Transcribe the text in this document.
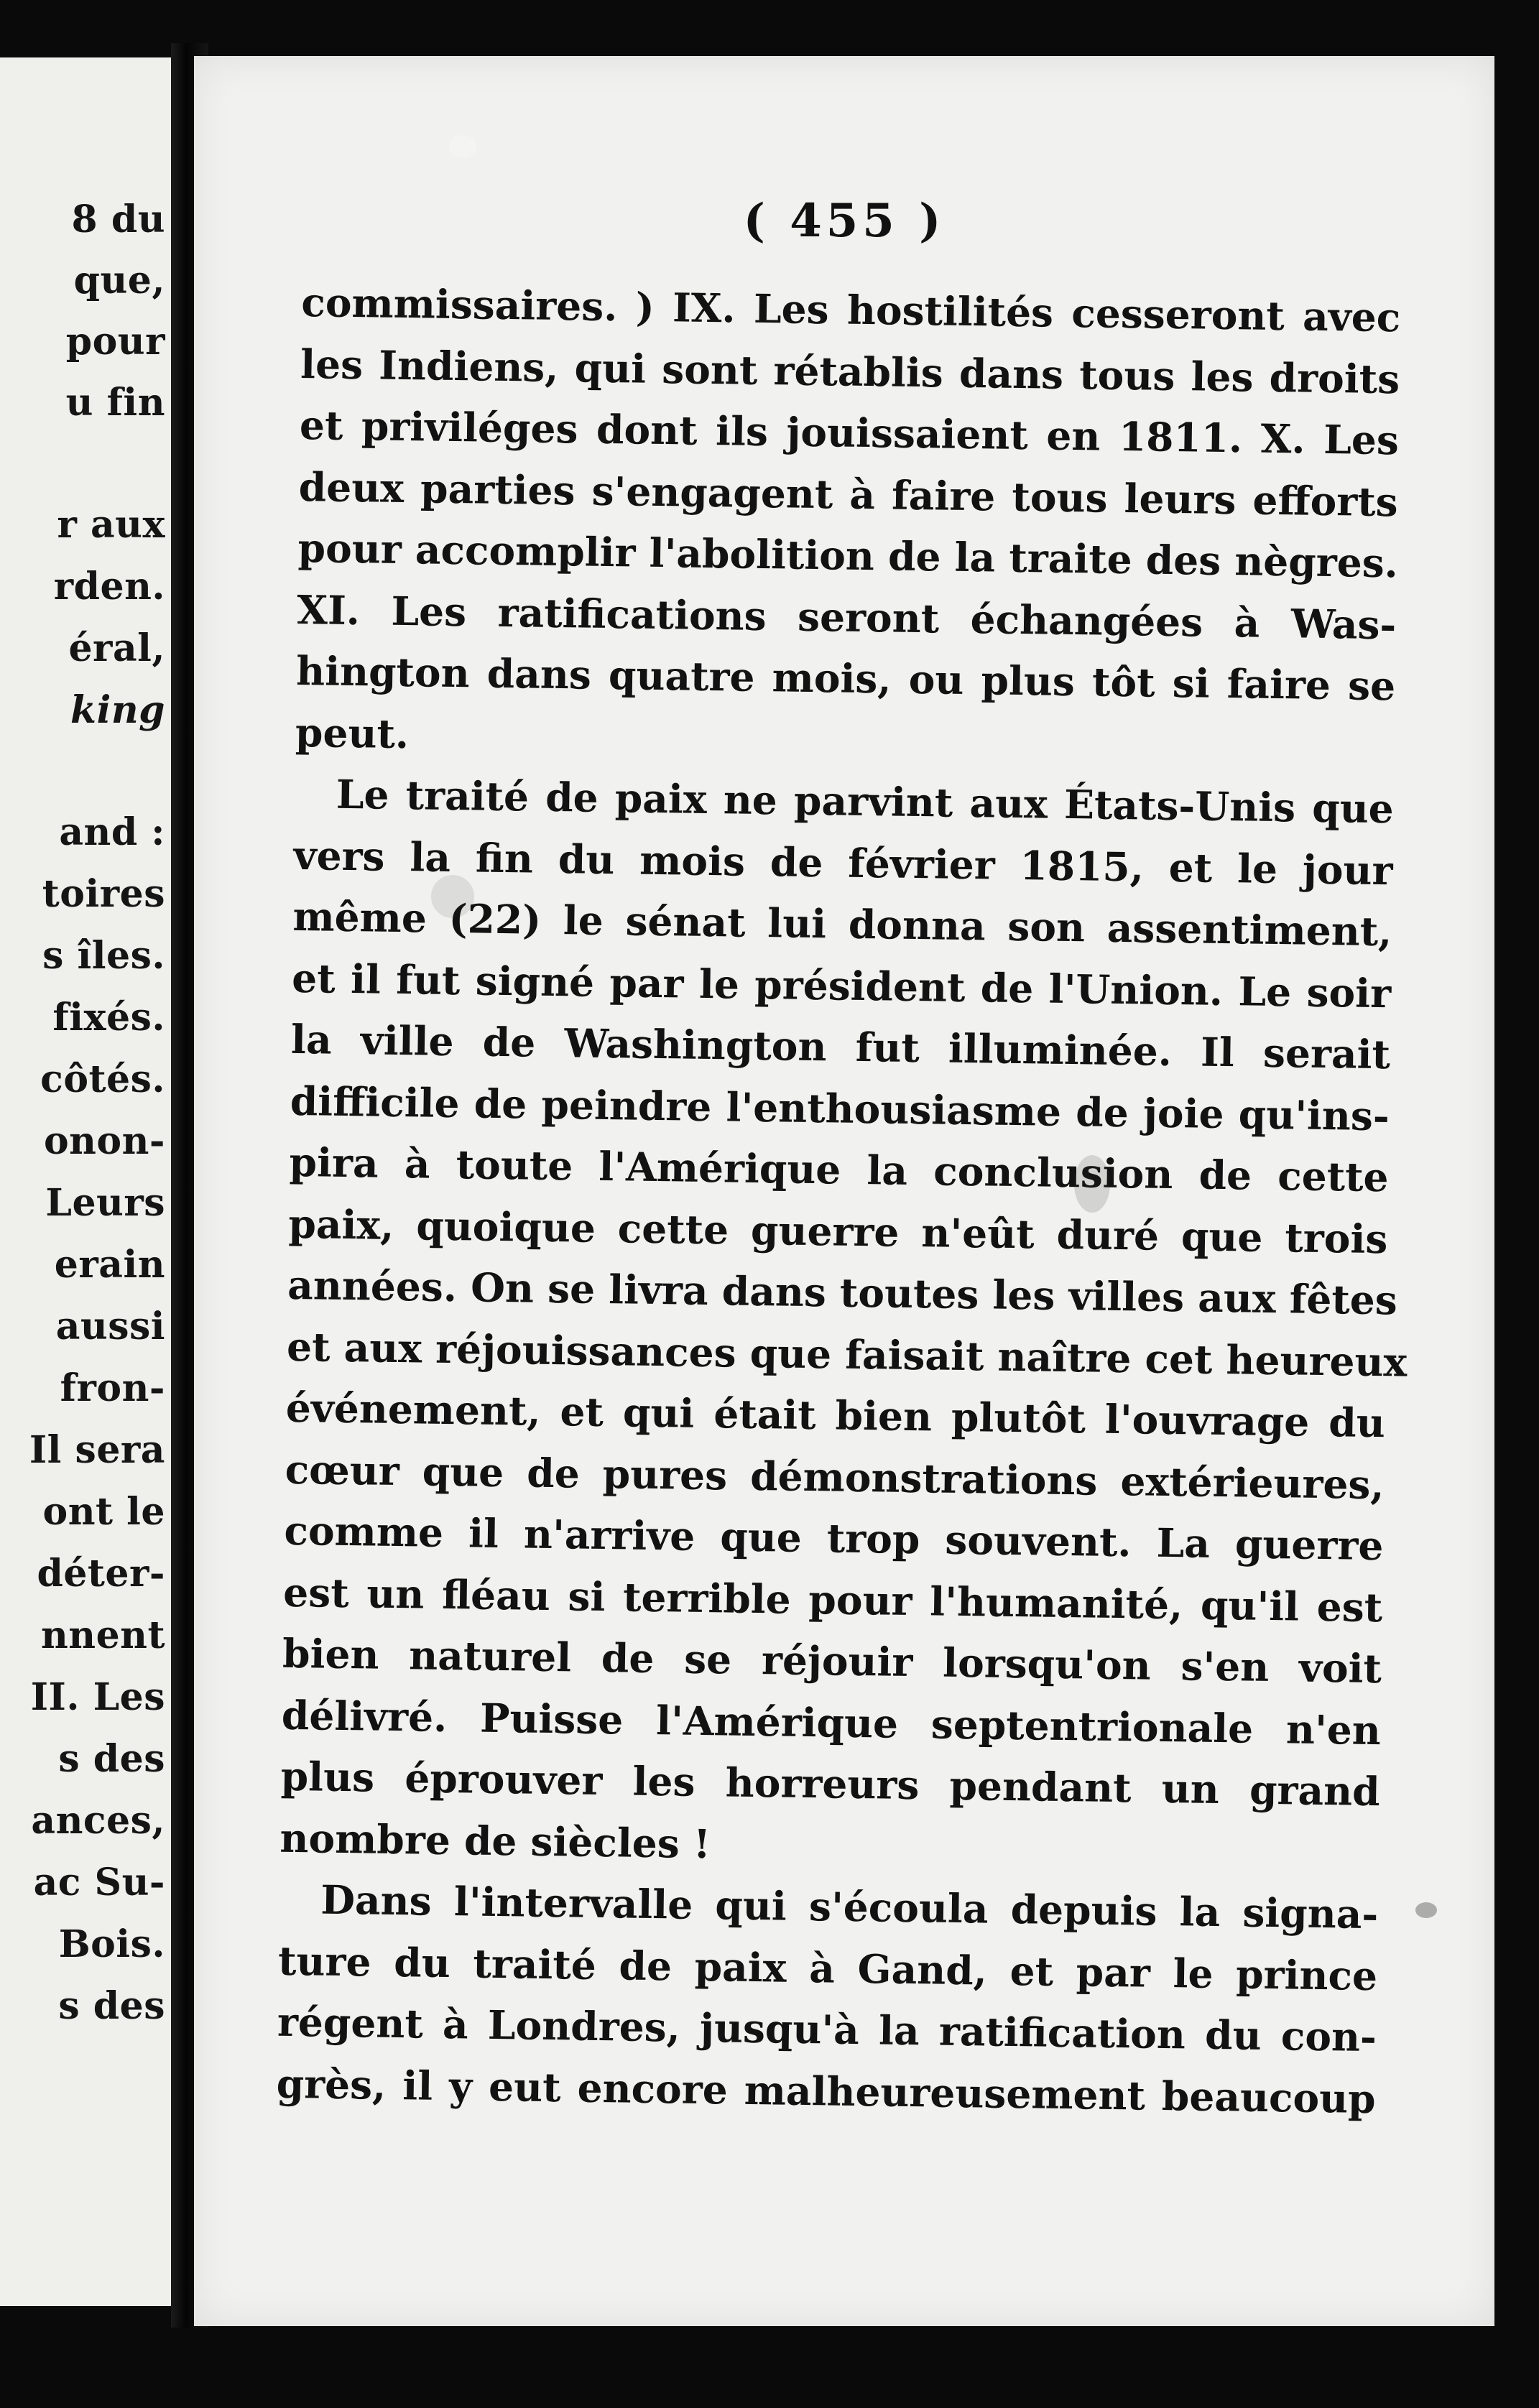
8 du
que,
pour
u fin
r aux
rden.
éral,
king
and :
toires
s îles.
fixés.
côtés.
onon-
Leurs
erain
aussi
fron-
Il sera
ont le
déter-
nnent
II. Les
s des
ances,
ac Su-
Bois.
s des
( 455 )
commissaires. ) IX. Les hostilités cesseront avec
les Indiens, qui sont rétablis dans tous les droits
et priviléges dont ils jouissaient en 1811. X. Les
deux parties s'engagent à faire tous leurs efforts
pour accomplir l'abolition de la traite des nègres.
XI. Les ratifications seront échangées à Was-
hington dans quatre mois, ou plus tôt si faire se
peut.
Le traité de paix ne parvint aux États-Unis que
vers la fin du mois de février 1815, et le jour
même (22) le sénat lui donna son assentiment,
et il fut signé par le président de l'Union. Le soir
la ville de Washington fut illuminée. Il serait
difficile de peindre l'enthousiasme de joie qu'ins-
pira à toute l'Amérique la conclusion de cette
paix, quoique cette guerre n'eût duré que trois
années. On se livra dans toutes les villes aux fêtes
et aux réjouissances que faisait naître cet heureux
événement, et qui était bien plutôt l'ouvrage du
cœur que de pures démonstrations extérieures,
comme il n'arrive que trop souvent. La guerre
est un fléau si terrible pour l'humanité, qu'il est
bien naturel de se réjouir lorsqu'on s'en voit
délivré. Puisse l'Amérique septentrionale n'en
plus éprouver les horreurs pendant un grand
nombre de siècles !
Dans l'intervalle qui s'écoula depuis la signa-
ture du traité de paix à Gand, et par le prince
régent à Londres, jusqu'à la ratification du con-
grès, il y eut encore malheureusement beaucoup
